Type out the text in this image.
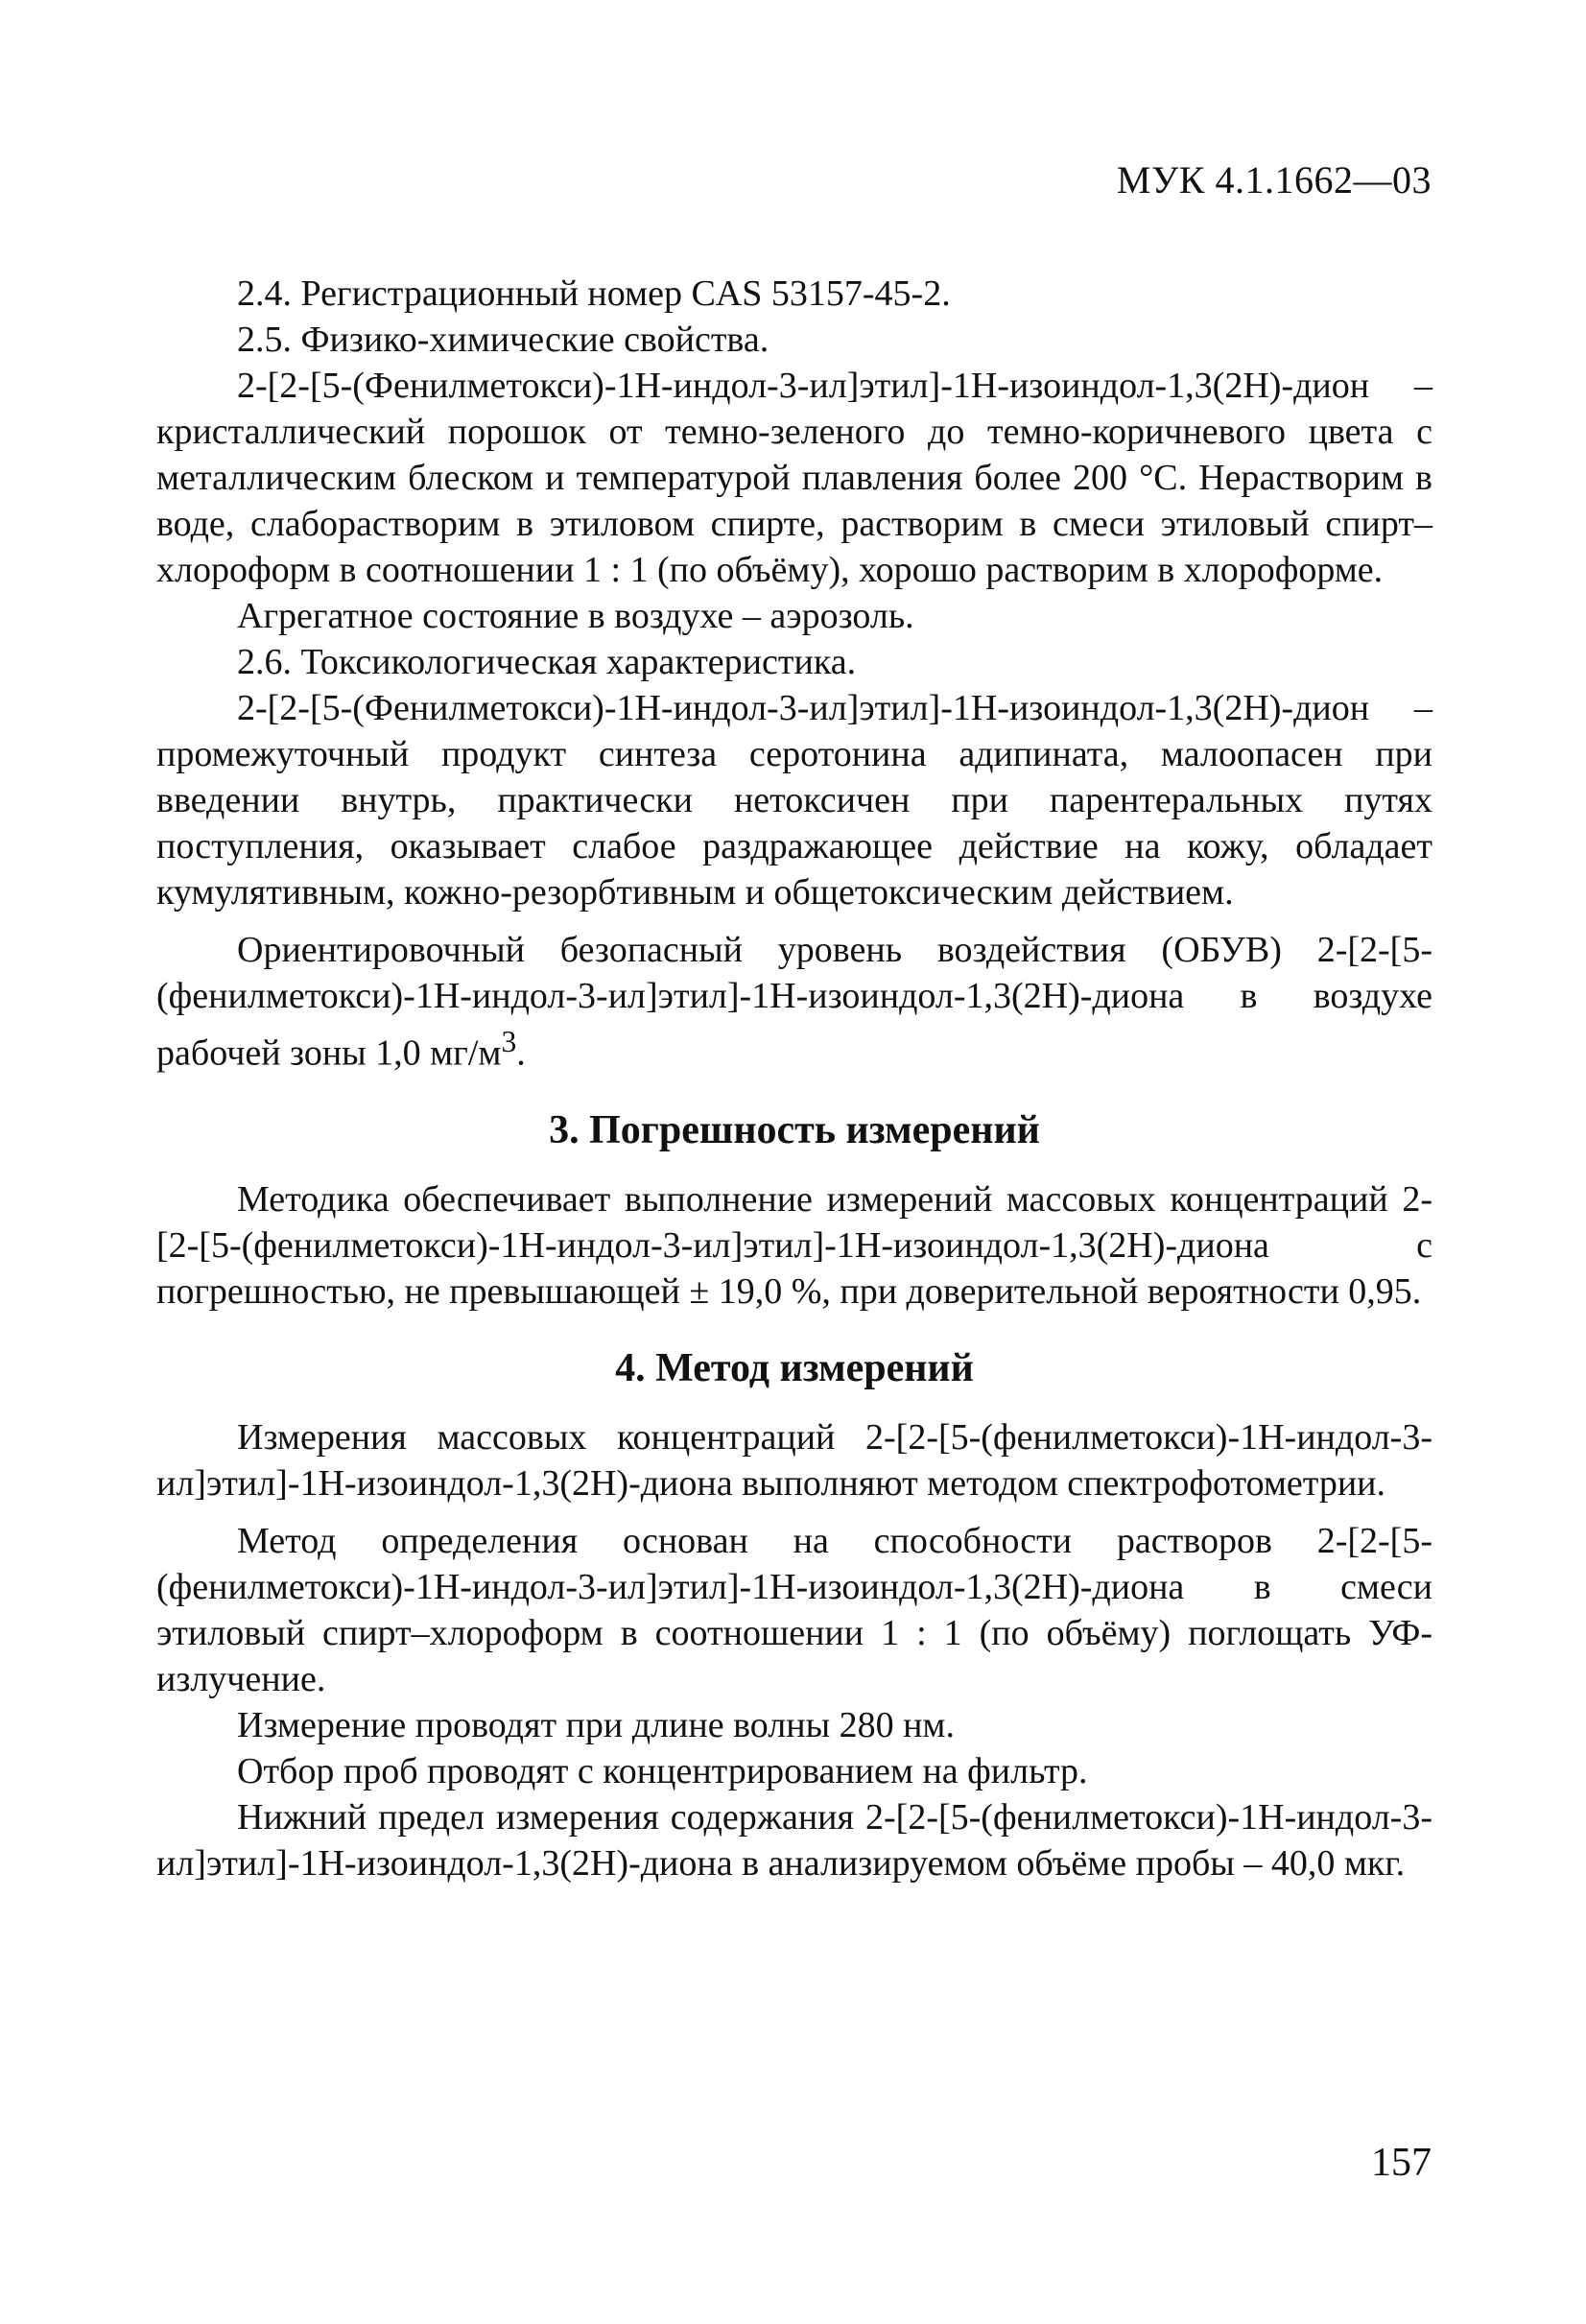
МУК 4.1.1662—03

2.4. Регистрационный номер CAS 53157-45-2.

2.5. Физико-химические свойства.

2-[2-[5-(Фенилметокси)-1Н-индол-3-ил]этил]-1Н-изоиндол-1,3(2Н)-дион – кристаллический порошок от темно-зеленого до темно-коричневого цвета с металлическим блеском и температурой плавления более 200 °С. Нерастворим в воде, слаборастворим в этиловом спирте, растворим в смеси этиловый спирт–хлороформ в соотношении 1 : 1 (по объёму), хорошо растворим в хлороформе.

Агрегатное состояние в воздухе – аэрозоль.

2.6. Токсикологическая характеристика.

2-[2-[5-(Фенилметокси)-1Н-индол-3-ил]этил]-1Н-изоиндол-1,3(2Н)-дион – промежуточный продукт синтеза серотонина адипината, малоопасен при введении внутрь, практически нетоксичен при парентеральных путях поступления, оказывает слабое раздражающее действие на кожу, обладает кумулятивным, кожно-резорбтивным и общетоксическим действием.

Ориентировочный безопасный уровень воздействия (ОБУВ) 2-[2-[5-(фенилметокси)-1Н-индол-3-ил]этил]-1Н-изоиндол-1,3(2Н)-диона в воздухе рабочей зоны 1,0 $мг/м^3$.

3. Погрешность измерений

Методика обеспечивает выполнение измерений массовых концентраций 2-[2-[5-(фенилметокси)-1Н-индол-3-ил]этил]-1Н-изоиндол-1,3(2Н)-диона с погрешностью, не превышающей ± 19,0 %, при доверительной вероятности 0,95.

4. Метод измерений

Измерения массовых концентраций 2-[2-[5-(фенилметокси)-1Н-индол-3-ил]этил]-1Н-изоиндол-1,3(2Н)-диона выполняют методом спектрофотометрии.

Метод определения основан на способности растворов 2-[2-[5-(фенилметокси)-1Н-индол-3-ил]этил]-1Н-изоиндол-1,3(2Н)-диона в смеси этиловый спирт–хлороформ в соотношении 1 : 1 (по объёму) поглощать УФ-излучение.

Измерение проводят при длине волны 280 нм.

Отбор проб проводят с концентрированием на фильтр.

Нижний предел измерения содержания 2-[2-[5-(фенилметокси)-1Н-индол-3-ил]этил]-1Н-изоиндол-1,3(2Н)-диона в анализируемом объёме пробы – 40,0 мкг.

157
